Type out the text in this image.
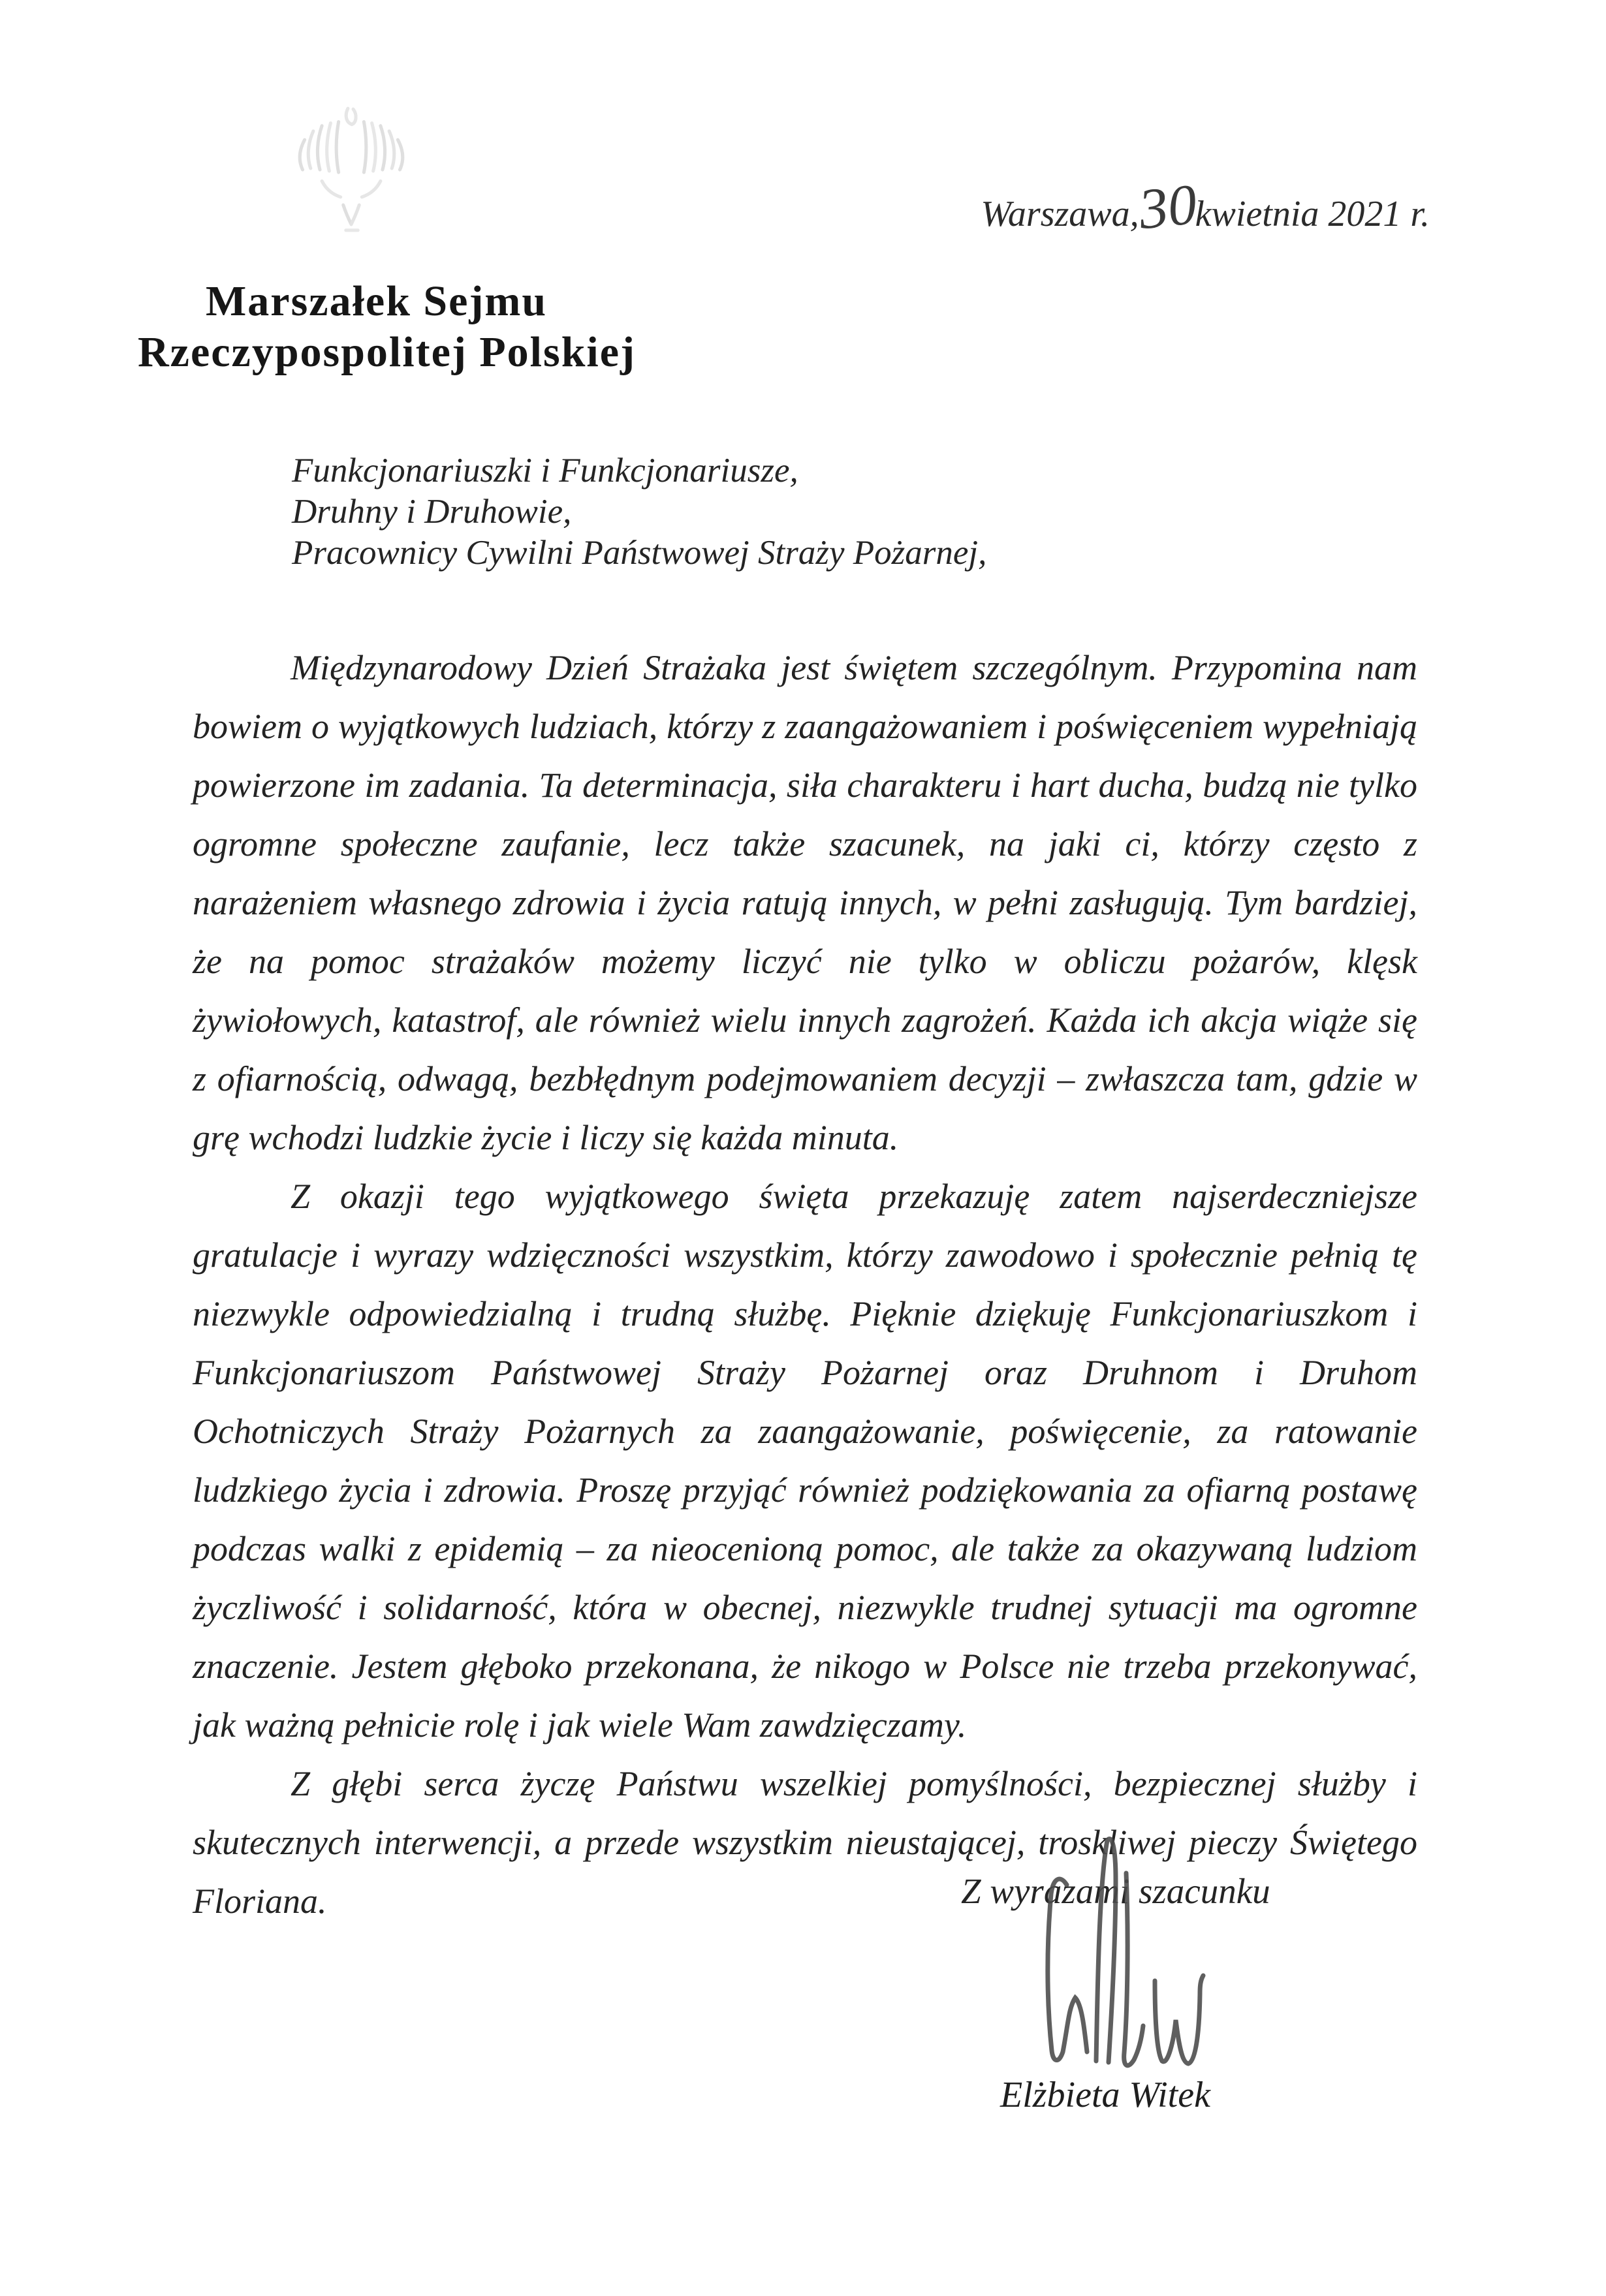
Warszawa,
30
kwietnia 2021 r.
Marszałek Sejmu
Rzeczypospolitej Polskiej
Funkcjonariuszki i Funkcjonariusze,
Druhny i Druhowie,
Pracownicy Cywilni Państwowej Straży Pożarnej,

Międzynarodowy Dzień Strażaka jest świętem szczególnym. Przypomina nam bowiem o wyjątkowych ludziach, którzy z zaangażowaniem i poświęceniem wypełniają powierzone im zadania. Ta determinacja, siła charakteru i hart ducha, budzą nie tylko ogromne społeczne zaufanie, lecz także szacunek, na jaki ci, którzy często z narażeniem własnego zdrowia i życia ratują innych, w pełni zasługują. Tym bardziej, że na pomoc strażaków możemy liczyć nie tylko w obliczu pożarów, klęsk żywiołowych, katastrof, ale również wielu innych zagrożeń. Każda ich akcja wiąże się z ofiarnością, odwagą, bezbłędnym podejmowaniem decyzji – zwłaszcza tam, gdzie w grę wchodzi ludzkie życie i liczy się każda minuta.

Z okazji tego wyjątkowego święta przekazuję zatem najserdeczniejsze gratulacje i wyrazy wdzięczności wszystkim, którzy zawodowo i społecznie pełnią tę niezwykle odpowiedzialną i trudną służbę. Pięknie dziękuję Funkcjonariuszkom i Funkcjonariuszom Państwowej Straży Pożarnej oraz Druhnom i Druhom Ochotniczych Straży Pożarnych za zaangażowanie, poświęcenie, za ratowanie ludzkiego życia i zdrowia. Proszę przyjąć również podziękowania za ofiarną postawę podczas walki z epidemią – za nieocenioną pomoc, ale także za okazywaną ludziom życzliwość i solidarność, która w obecnej, niezwykle trudnej sytuacji ma ogromne znaczenie. Jestem głęboko przekonana, że nikogo w Polsce nie trzeba przekonywać, jak ważną pełnicie rolę i jak wiele Wam zawdzięczamy.

Z głębi serca życzę Państwu wszelkiej pomyślności, bezpiecznej służby i skutecznych interwencji, a przede wszystkim nieustającej, troskliwej pieczy Świętego Floriana.	Z wyrazami szacunku
Elżbieta Witek
